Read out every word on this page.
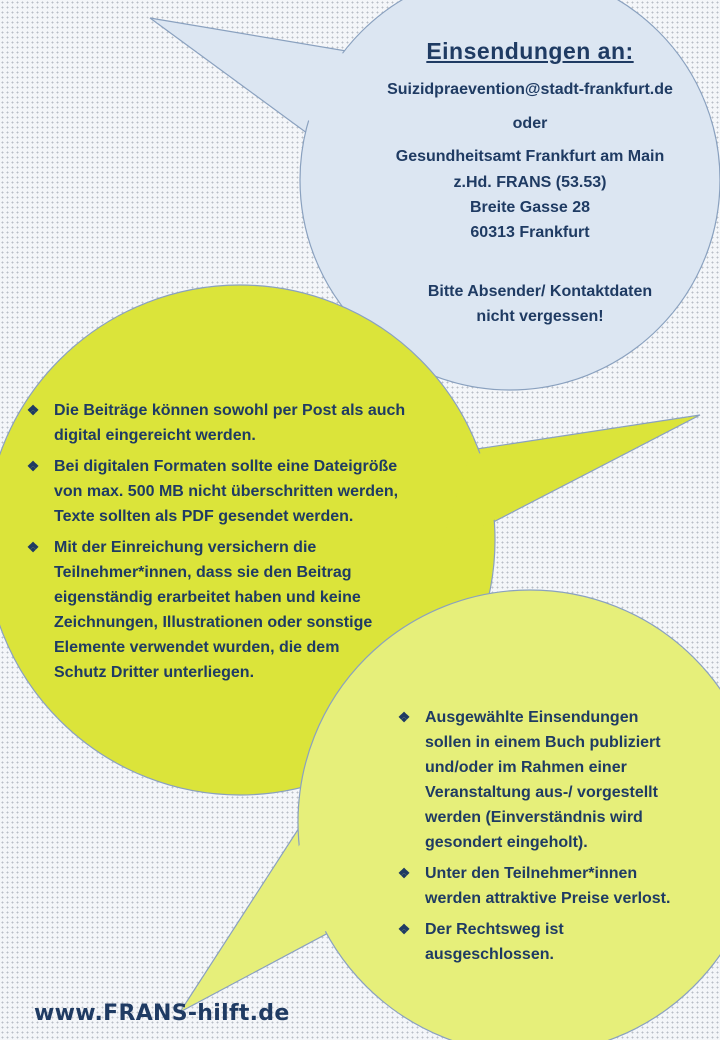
Einsendungen an:
Suizidpraevention@stadt-frankfurt.de
oder
Gesundheitsamt Frankfurt am Main
z.Hd. FRANS (53.53)
Breite Gasse 28
60313 Frankfurt
Bitte Absender/ Kontaktdaten
nicht vergessen!
❖ Die Beiträge können sowohl per Post als auch
digital eingereicht werden.
❖ Bei digitalen Formaten sollte eine Dateigröße
von max. 500 MB nicht überschritten werden,
Texte sollten als PDF gesendet werden.
❖ Mit der Einreichung versichern die
Teilnehmer*innen, dass sie den Beitrag
eigenständig erarbeitet haben und keine
Zeichnungen, Illustrationen oder sonstige
Elemente verwendet wurden, die dem
Schutz Dritter unterliegen.
❖ Ausgewählte Einsendungen
sollen in einem Buch publiziert
und/oder im Rahmen einer
Veranstaltung aus-/ vorgestellt
werden (Einverständnis wird
gesondert eingeholt).
❖ Unter den Teilnehmer*innen
werden attraktive Preise verlost.
❖ Der Rechtsweg ist
ausgeschlossen.
www.FRANS-hilft.de
